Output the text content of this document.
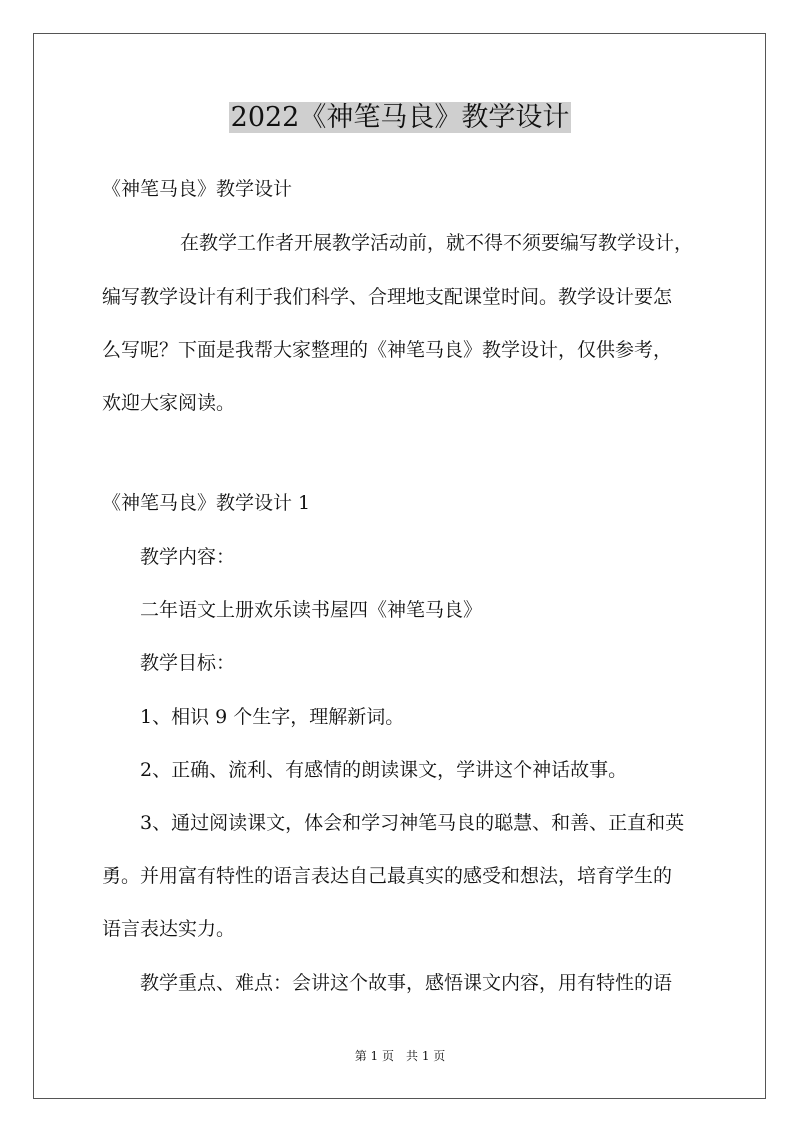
2022《神笔马良》教学设计
《神笔马良》教学设计
在教学工作者开展教学活动前，就不得不须要编写教学设计，
编写教学设计有利于我们科学、合理地支配课堂时间。教学设计要怎
么写呢？下面是我帮大家整理的《神笔马良》教学设计，仅供参考，
欢迎大家阅读。
《神笔马良》教学设计 1
教学内容：
二年语文上册欢乐读书屋四《神笔马良》
教学目标：
1、相识 9 个生字，理解新词。
2、正确、流利、有感情的朗读课文，学讲这个神话故事。
3、通过阅读课文，体会和学习神笔马良的聪慧、和善、正直和英
勇。并用富有特性的语言表达自己最真实的感受和想法，培育学生的
语言表达实力。
教学重点、难点：会讲这个故事，感悟课文内容，用有特性的语
第 1 页　共 1 页
